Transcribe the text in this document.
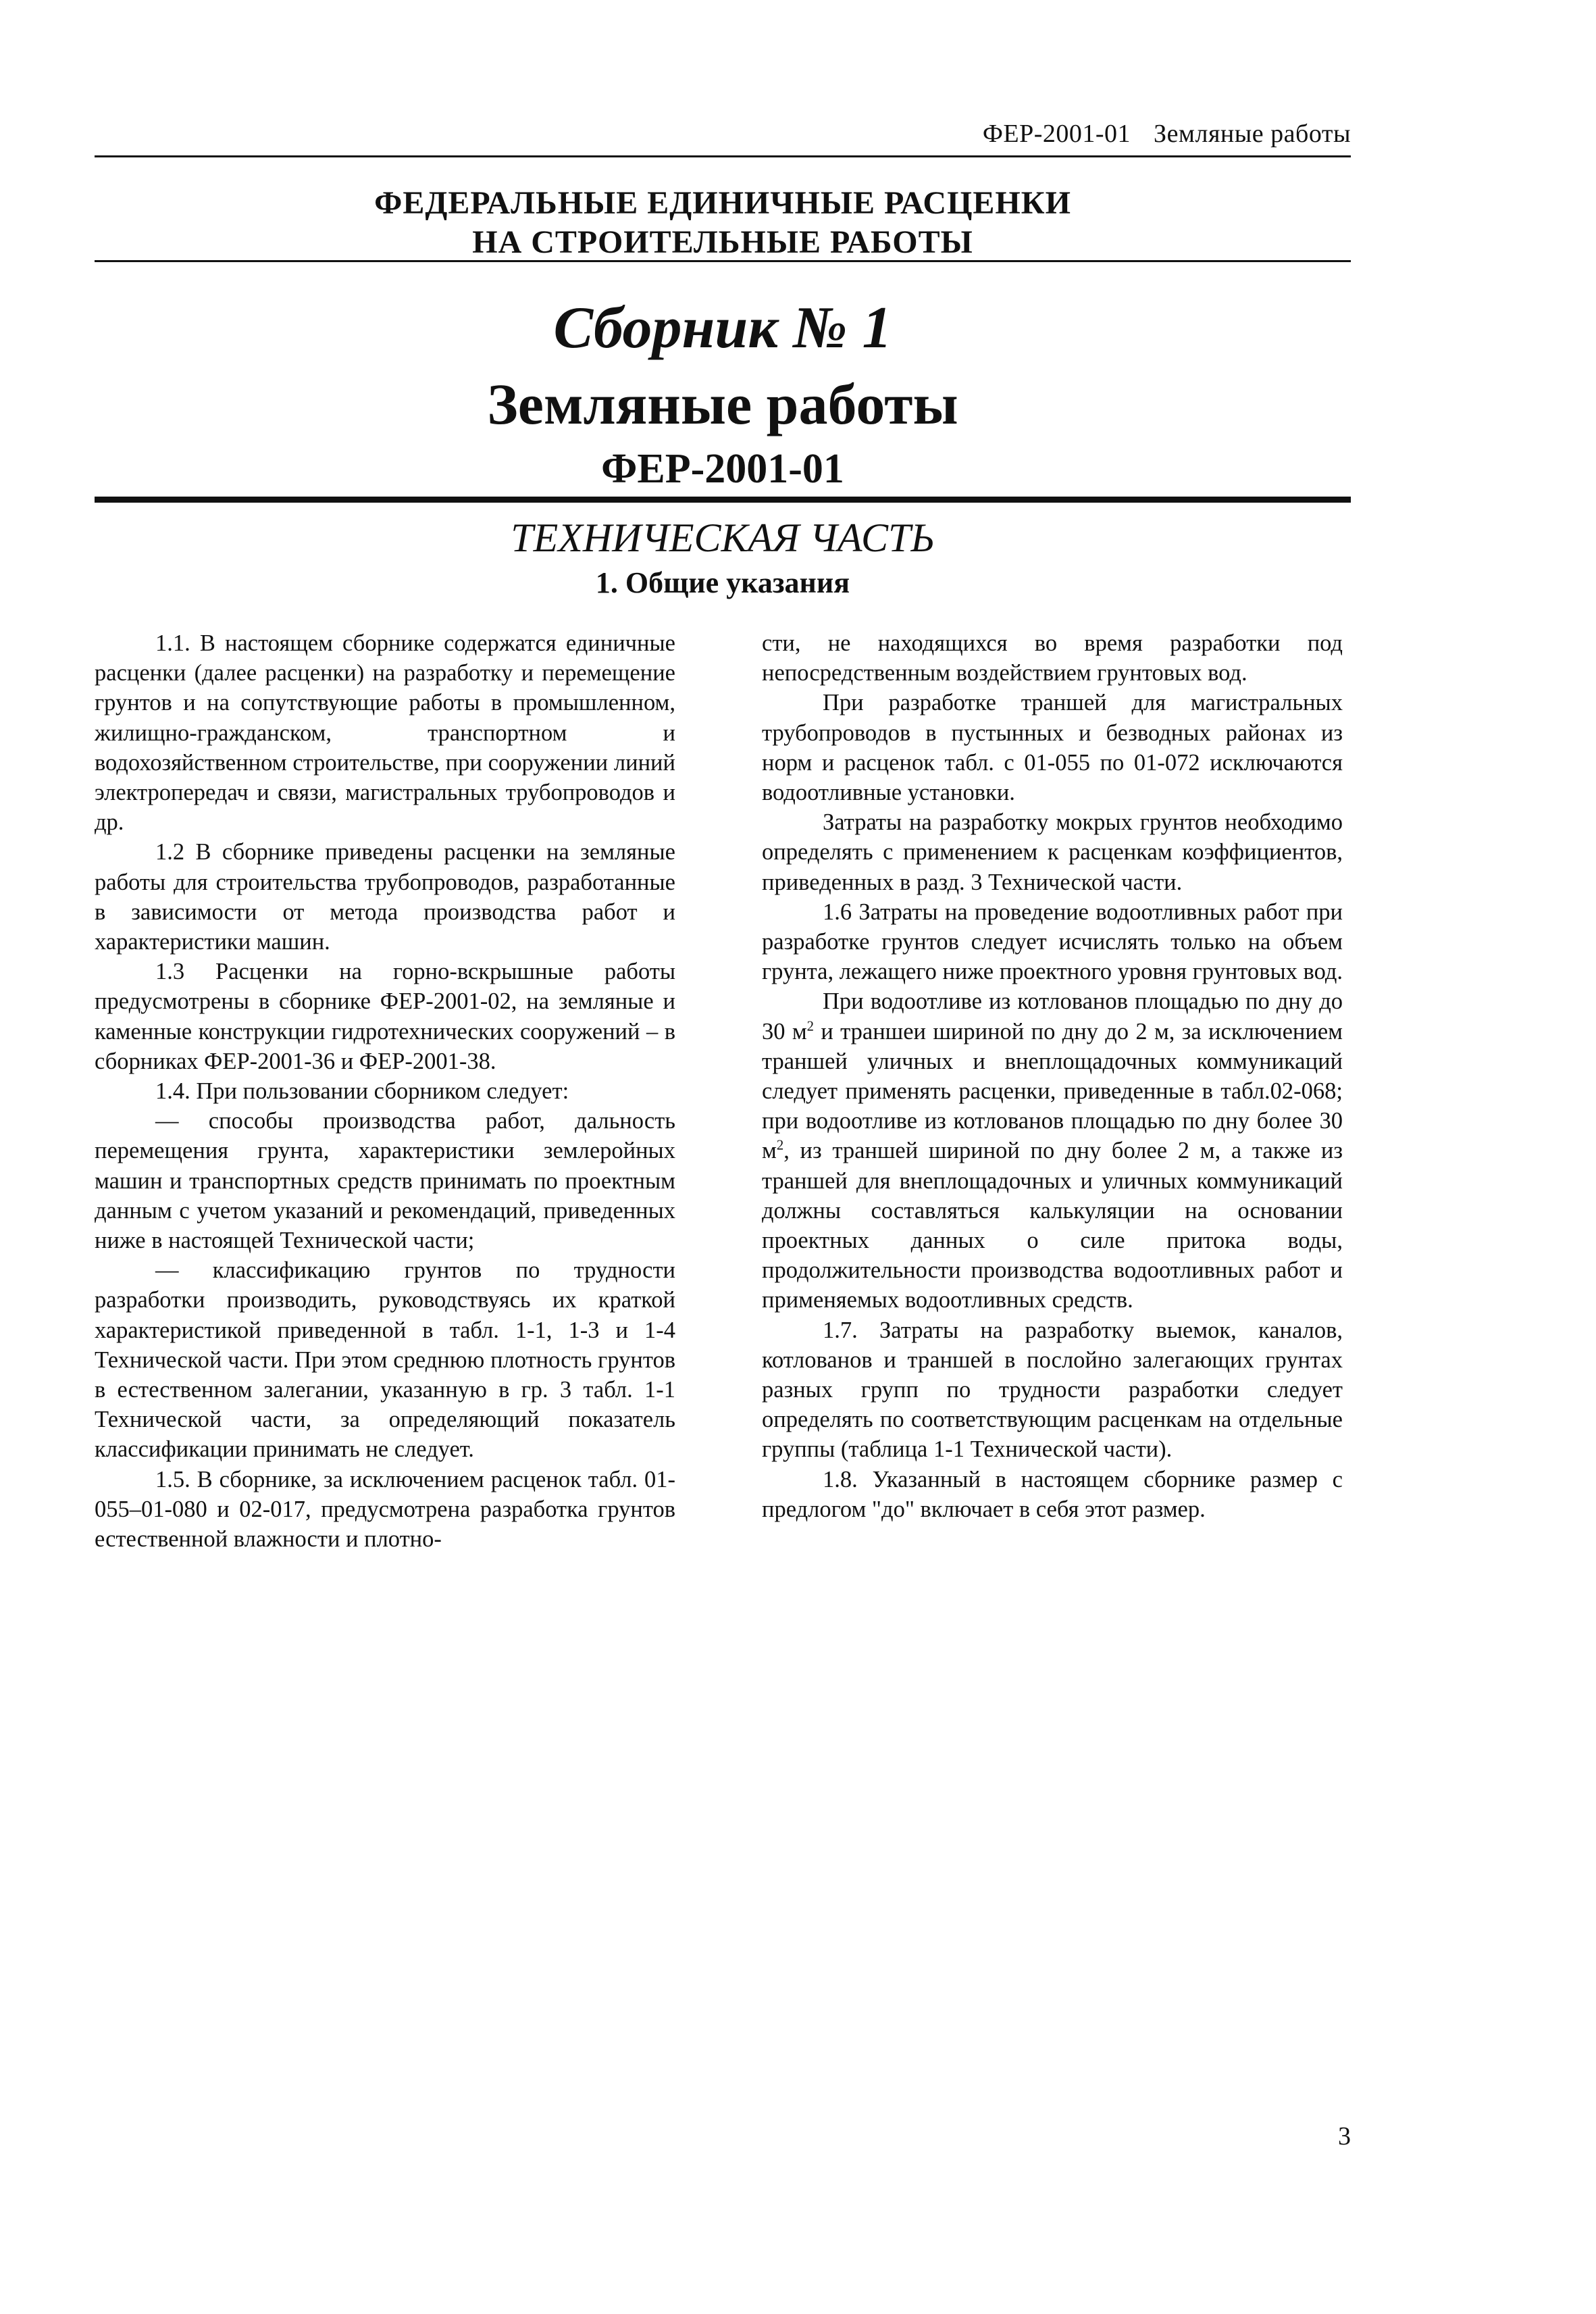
ФЕР-2001-01 Земляные работы
ФЕДЕРАЛЬНЫЕ ЕДИНИЧНЫЕ РАСЦЕНКИ
НА СТРОИТЕЛЬНЫЕ РАБОТЫ
Сборник № 1
Земляные работы
ФЕР-2001-01
ТЕХНИЧЕСКАЯ ЧАСТЬ
1. Общие указания

1.1. В настоящем сборнике содержатся единичные расценки (далее расценки) на разработку и перемещение грунтов и на сопутствующие работы в промышленном, жилищно-гражданском, транспортном и водохозяйственном строительстве, при сооружении линий электропередач и связи, магистральных трубопроводов и др.

1.2 В сборнике приведены расценки на земляные работы для строительства трубопроводов, разработанные в зависимости от метода производства работ и характеристики машин.

1.3 Расценки на горно-вскрышные работы предусмотрены в сборнике ФЕР-2001-02, на земляные и каменные конструкции гидротехнических сооружений – в сборниках ФЕР-2001-36 и ФЕР-2001-38.

1.4. При пользовании сборником следует:

— способы производства работ, дальность перемещения грунта, характеристики землеройных машин и транспортных средств принимать по проектным данным с учетом указаний и рекомендаций, приведенных ниже в настоящей Технической части;

— классификацию грунтов по трудности разработки производить, руководствуясь их краткой характеристикой приведенной в табл. 1-1, 1-3 и 1-4 Технической части. При этом среднюю плотность грунтов в естественном залегании, указанную в гр. 3 табл. 1-1 Технической части, за определяющий показатель классификации принимать не следует.

1.5. В сборнике, за исключением расценок табл. 01-055–01-080 и 02-017, предусмотрена разработка грунтов естественной влажности и плотно-

сти, не находящихся во время разработки под непосредственным воздействием грунтовых вод.

При разработке траншей для магистральных трубопроводов в пустынных и безводных районах из норм и расценок табл. с 01-055 по 01-072 исключаются водоотливные установки.

Затраты на разработку мокрых грунтов необходимо определять с применением к расценкам коэффициентов, приведенных в разд. 3 Технической части.

1.6 Затраты на проведение водоотливных работ при разработке грунтов следует исчислять только на объем грунта, лежащего ниже проектного уровня грунтовых вод.

При водоотливе из котлованов площадью по дну до 30 $м^2$ и траншеи шириной по дну до 2 м, за исключением траншей уличных и внеплощадочных коммуникаций следует применять расценки, приведенные в табл.02-068; при водоотливе из котлованов площадью по дну более 30 $м^2$, из траншей шириной по дну более 2 м, а также из траншей для внеплощадочных и уличных коммуникаций должны составляться калькуляции на основании проектных данных о силе притока воды, продолжительности производства водоотливных работ и применяемых водоотливных средств.

1.7. Затраты на разработку выемок, каналов, котлованов и траншей в послойно залегающих грунтах разных групп по трудности разработки следует определять по соответствующим расценкам на отдельные группы (таблица 1-1 Технической части).

1.8. Указанный в настоящем сборнике размер с предлогом "до" включает в себя этот размер.

3
